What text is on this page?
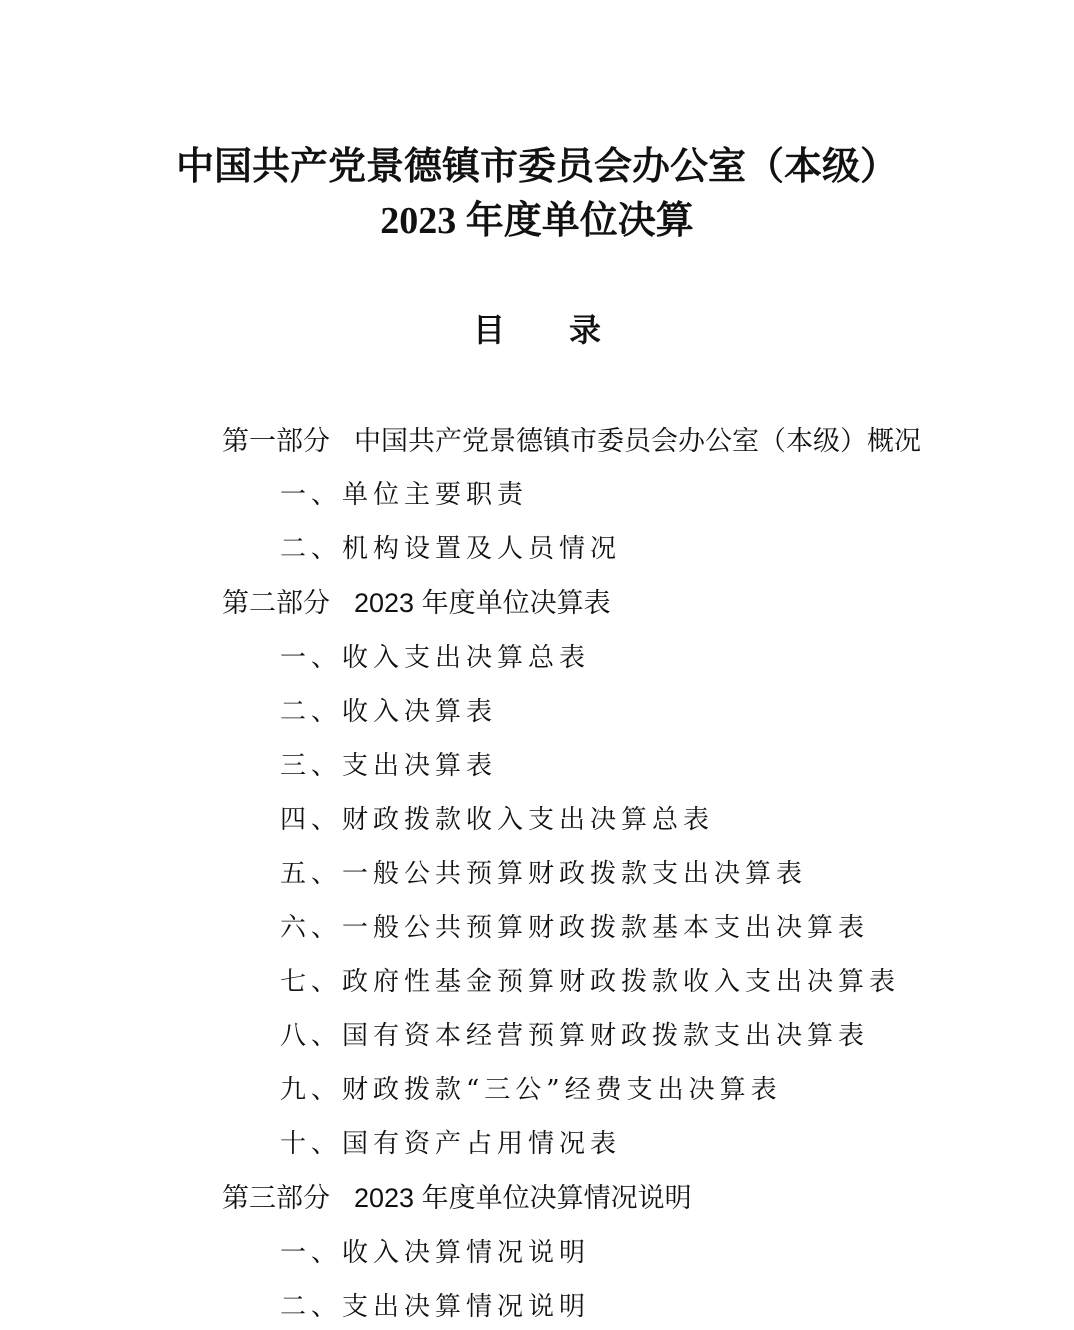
中国共产党景德镇市委员会办公室（本级）
2023 年度单位决算
目 录
第一部分 中国共产党景德镇市委员会办公室（本级）概况
一、单位主要职责
二、机构设置及人员情况
第二部分 2023 年度单位决算表
一、收入支出决算总表
二、收入决算表
三、支出决算表
四、财政拨款收入支出决算总表
五、一般公共预算财政拨款支出决算表
六、一般公共预算财政拨款基本支出决算表
七、政府性基金预算财政拨款收入支出决算表
八、国有资本经营预算财政拨款支出决算表
九、财政拨款“三公”经费支出决算表
十、国有资产占用情况表
第三部分 2023 年度单位决算情况说明
一、收入决算情况说明
二、支出决算情况说明
